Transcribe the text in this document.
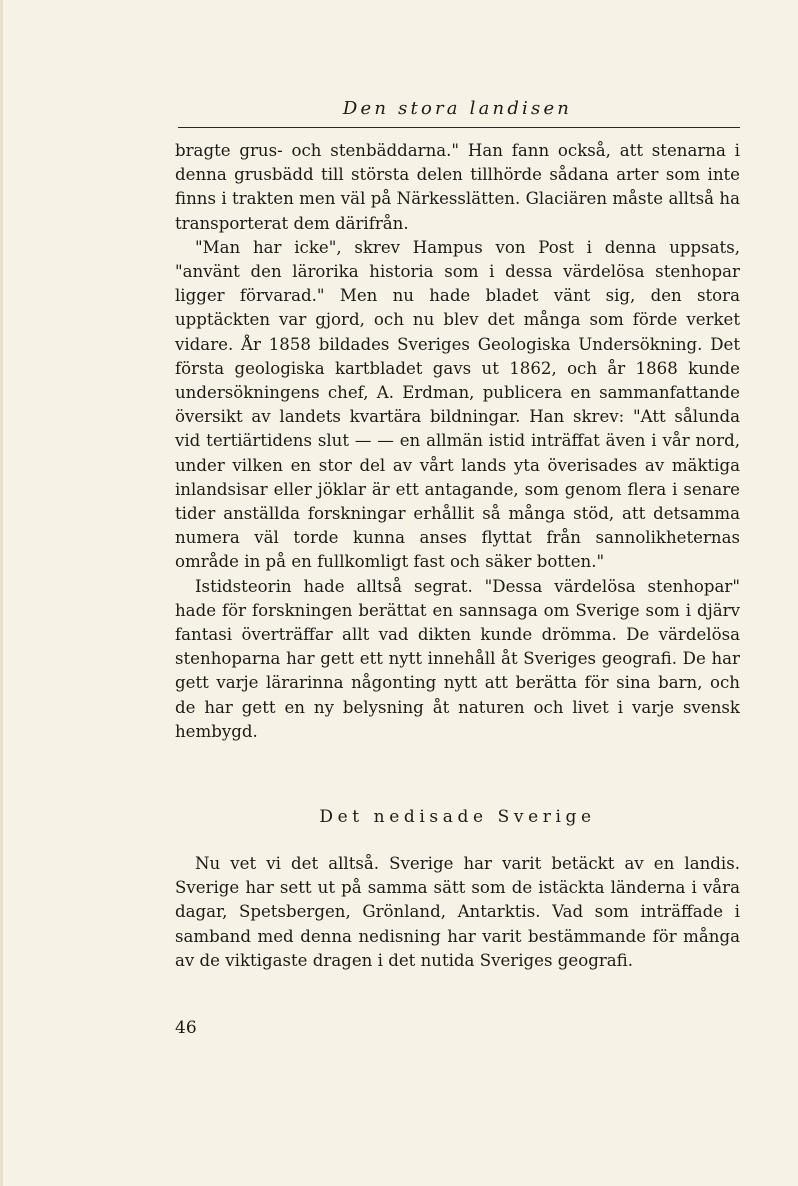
Den stora landisen

bragte grus- och stenbäddarna." Han fann också, att stenarna i denna grusbädd till största delen tillhörde sådana arter som inte finns i trakten men väl på Närkesslätten. Glaciären måste alltså ha transporterat dem därifrån.

"Man har icke", skrev Hampus von Post i denna uppsats, "använt den lärorika historia som i dessa värdelösa stenhopar ligger förvarad." Men nu hade bladet vänt sig, den stora upptäckten var gjord, och nu blev det många som förde verket vidare. År 1858 bildades Sveriges Geologiska Undersökning. Det första geologiska kartbladet gavs ut 1862, och år 1868 kunde undersökningens chef, A. Erdman, publicera en sammanfattande översikt av landets kvartära bildningar. Han skrev: "Att sålunda vid tertiärtidens slut — — en allmän istid inträffat även i vår nord, under vilken en stor del av vårt lands yta överisades av mäktiga inlandsisar eller jöklar är ett antagande, som genom flera i senare tider anställda forskningar erhållit så många stöd, att detsamma numera väl torde kunna anses flyttat från sannolikheternas område in på en fullkomligt fast och säker botten."

Istidsteorin hade alltså segrat. "Dessa värdelösa stenhopar" hade för forskningen berättat en sannsaga om Sverige som i djärv fantasi överträffar allt vad dikten kunde drömma. De värdelösa stenhoparna har gett ett nytt innehåll åt Sveriges geografi. De har gett varje lärarinna någonting nytt att berätta för sina barn, och de har gett en ny belysning åt naturen och livet i varje svensk hembygd.

Det nedisade Sverige

Nu vet vi det alltså. Sverige har varit betäckt av en landis. Sverige har sett ut på samma sätt som de istäckta länderna i våra dagar, Spetsbergen, Grönland, Antarktis. Vad som inträffade i samband med denna nedisning har varit bestämmande för många av de viktigaste dragen i det nutida Sveriges geografi.

46
